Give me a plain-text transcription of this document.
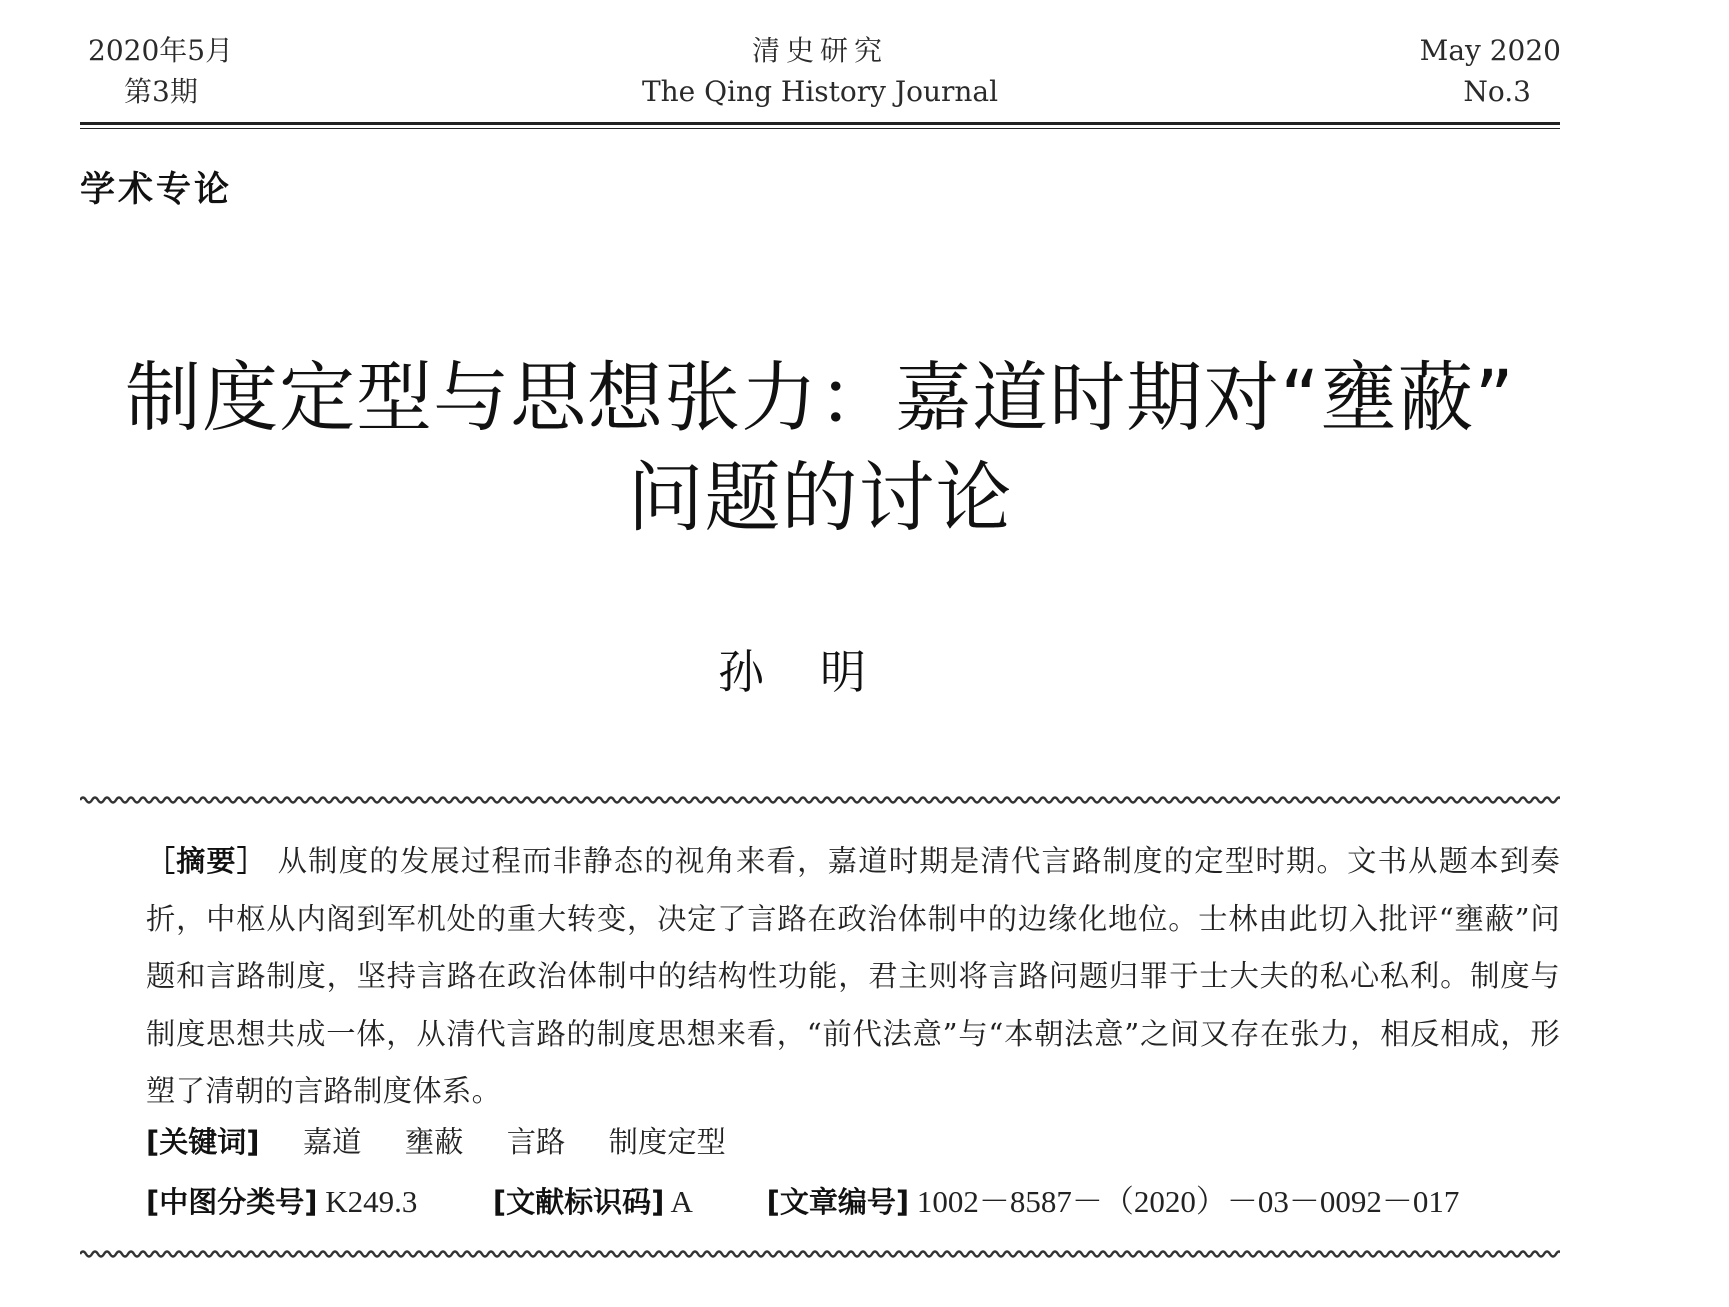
2020年5月
第3期
清史研究
The Qing History Journal
May 2020
No.3
学术专论
制度定型与思想张力：嘉道时期对“壅蔽”
问题的讨论
孙明
［摘要］ 从制度的发展过程而非静态的视角来看，嘉道时期是清代言路制度的定型时期。文书从题本到奏折，中枢从内阁到军机处的重大转变，决定了言路在政治体制中的边缘化地位。士林由此切入批评“壅蔽”问题和言路制度，坚持言路在政治体制中的结构性功能，君主则将言路问题归罪于士大夫的私心私利。制度与制度思想共成一体，从清代言路的制度思想来看，“前代法意”与“本朝法意”之间又存在张力，相反相成，形塑了清朝的言路制度体系。
[关键词] 嘉道 壅蔽 言路 制度定型
[中图分类号] K249.3	[文献标识码] A	[文章编号] 1002－8587－（2020）－03－0092－017
